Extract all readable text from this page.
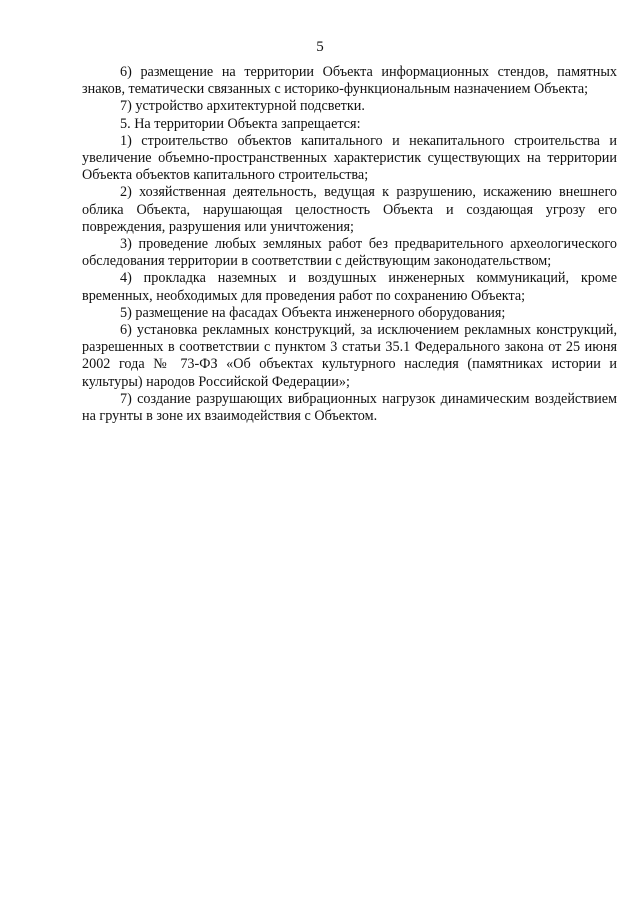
5

6) размещение на территории Объекта информационных стендов, памятных знаков, тематически связанных с историко-функциональным назначением Объекта;

7) устройство архитектурной подсветки.

5. На территории Объекта запрещается:

1) строительство объектов капитального и некапитального строительства и увеличение объемно-пространственных характеристик существующих на территории Объекта объектов капитального строительства;

2) хозяйственная деятельность, ведущая к разрушению, искажению внешнего облика Объекта, нарушающая целостность Объекта и создающая угрозу его повреждения, разрушения или уничтожения;

3) проведение любых земляных работ без предварительного археологического обследования территории в соответствии с действующим законодательством;

4) прокладка наземных и воздушных инженерных коммуникаций, кроме временных, необходимых для проведения работ по сохранению Объекта;

5) размещение на фасадах Объекта инженерного оборудования;

6) установка рекламных конструкций, за исключением рекламных конструкций, разрешенных в соответствии с пунктом 3 статьи 35.1 Федерального закона от 25 июня 2002 года № 73-ФЗ «Об объектах культурного наследия (памятниках истории и культуры) народов Российской Федерации»;

7) создание разрушающих вибрационных нагрузок динамическим воздействием на грунты в зоне их взаимодействия с Объектом.
